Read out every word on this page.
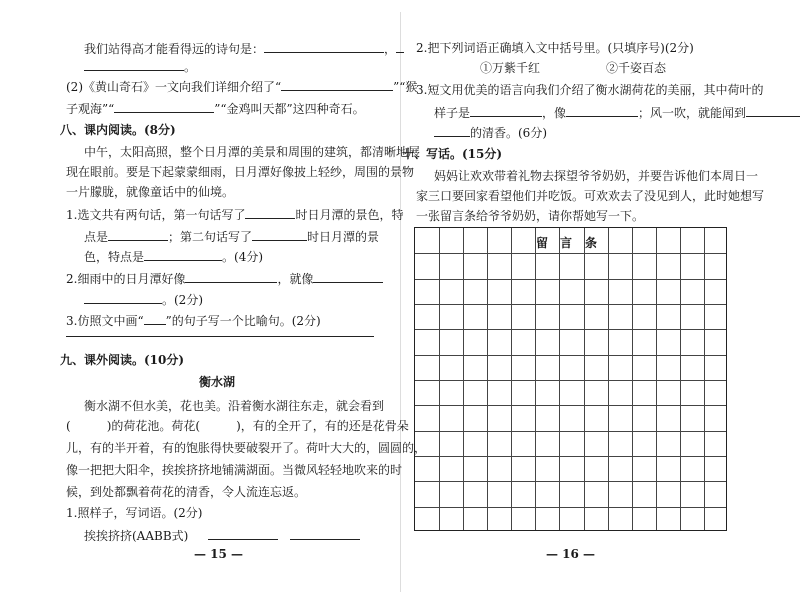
我们站得高才能看得远的诗句是：	，
。
(2)《黄山奇石》一文向我们详细介绍了“	”“猴
子观海”“	”“金鸡叫天都”这四种奇石。
八、课内阅读。(8分)
中午，太阳高照，整个日月潭的美景和周围的建筑，都清晰地展
现在眼前。要是下起蒙蒙细雨，日月潭好像披上轻纱，周围的景物
一片朦胧，就像童话中的仙境。
1.选文共有两句话，第一句话写了	时日月潭的景色，特
点是	；第二句话写了	时日月潭的景
色，特点是	。(4分)
2.细雨中的日月潭好像	，就像
。(2分)
3.仿照文中画“ ”的句子写一个比喻句。(2分)
九、课外阅读。(10分)
衡水湖
衡水湖不但水美，花也美。沿着衡水湖往东走，就会看到
(	)的荷花池。荷花(	)，有的全开了，有的还是花骨朵
儿，有的半开着，有的饱胀得快要破裂开了。荷叶大大的，圆圆的，
像一把把大阳伞，挨挨挤挤地铺满湖面。当微风轻轻地吹来的时
候，到处都飘着荷花的清香，令人流连忘返。
1.照样子，写词语。(2分)
挨挨挤挤(AABB式)
— 15 —
2.把下列词语正确填入文中括号里。(只填序号)(2分)
①万紫千红	②千姿百态
3.短文用优美的语言向我们介绍了衡水湖荷花的美丽，其中荷叶的
样子是	，像	；风一吹，就能闻到
的清香。(6分)
十、写话。(15分)
妈妈让欢欢带着礼物去探望爷爷奶奶，并要告诉他们本周日一
家三口要回家看望他们并吃饭。可欢欢去了没见到人，此时她想写
一张留言条给爷爷奶奶，请你帮她写一下。
留 言 条
— 16 —
